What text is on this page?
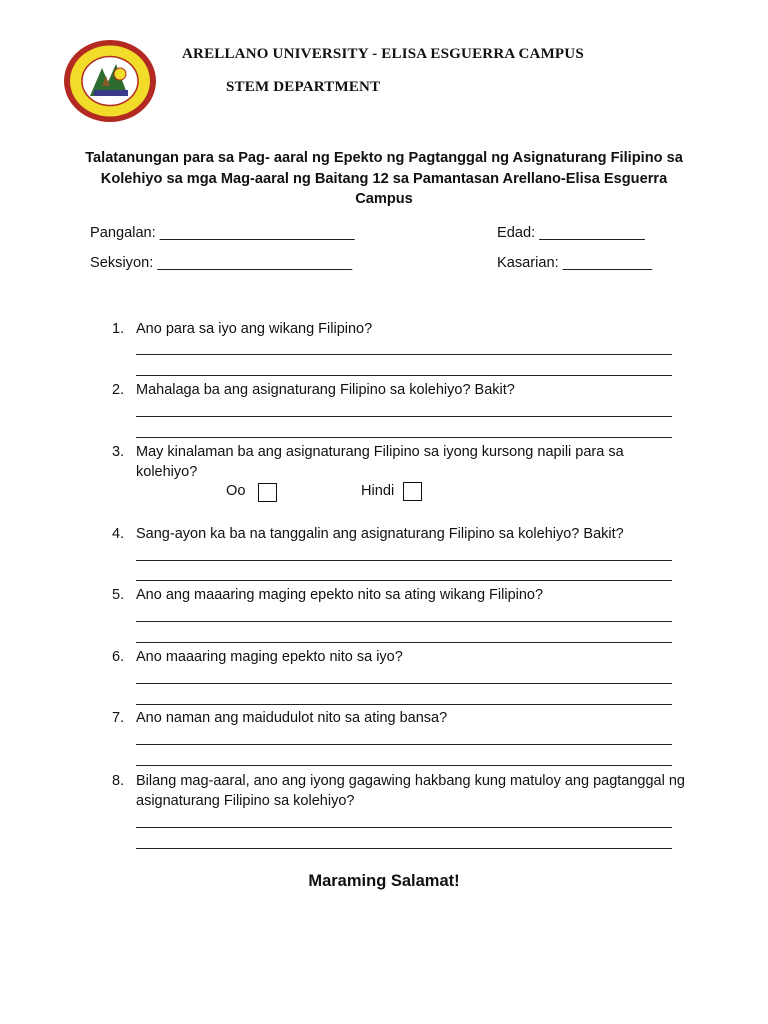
ARELLANO UNIVERSITY - ELISA ESGUERRA CAMPUS
STEM DEPARTMENT
Talatanungan para sa Pag- aaral ng Epekto ng Pagtanggal ng Asignaturang Filipino sa Kolehiyo sa mga Mag-aaral ng Baitang 12 sa Pamantasan Arellano-Elisa Esguerra Campus
Pangalan: ________________________	Edad: _____________
Seksiyon: ________________________	Kasarian: ___________
1. Ano para sa iyo ang wikang Filipino?
2. Mahalaga ba ang asignaturang Filipino sa kolehiyo? Bakit?
3. May kinalaman ba ang asignaturang Filipino sa iyong kursong napili para sa kolehiyo?
Oo	Hindi
4. Sang-ayon ka ba na tanggalin ang asignaturang Filipino sa kolehiyo? Bakit?
5. Ano ang maaaring maging epekto nito sa ating wikang Filipino?
6. Ano maaaring maging epekto nito sa iyo?
7. Ano naman ang maidudulot nito sa ating bansa?
8. Bilang mag-aaral, ano ang iyong gagawing hakbang kung matuloy ang pagtanggal ng asignaturang Filipino sa kolehiyo?
Maraming Salamat!
